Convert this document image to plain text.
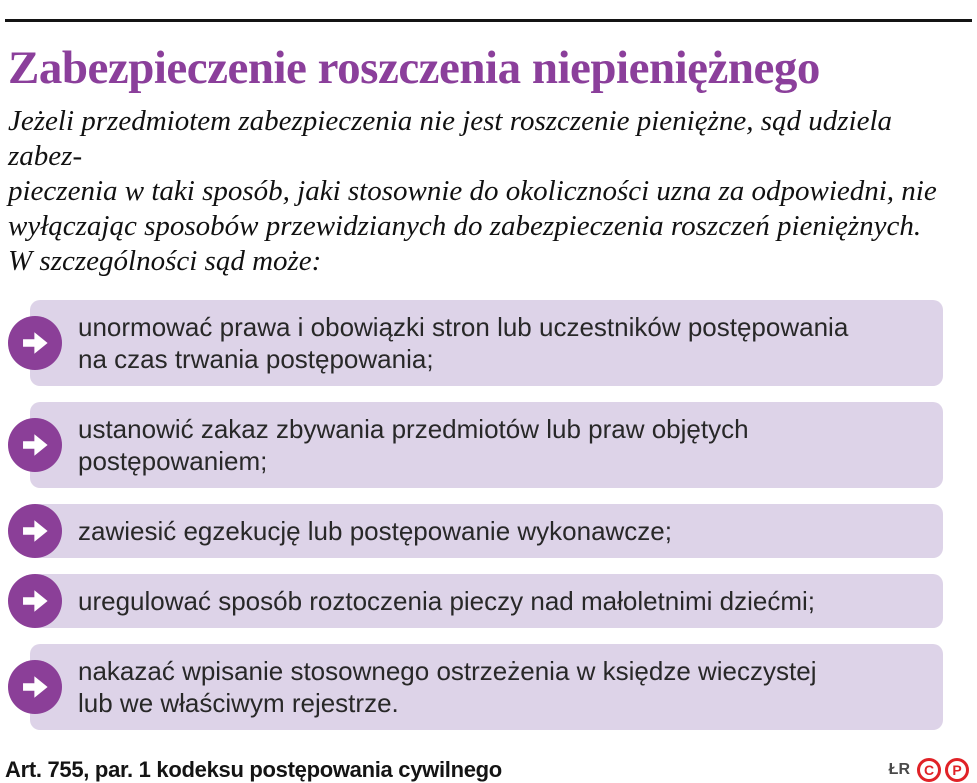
Zabezpieczenie roszczenia niepieniężnego
Jeżeli przedmiotem zabezpieczenia nie jest roszczenie pieniężne, sąd udziela zabez-
pieczenia w taki sposób, jaki stosownie do okoliczności uzna za odpowiedni, nie
wyłączając sposobów przewidzianych do zabezpieczenia roszczeń pieniężnych.
W szczególności sąd może:
unormować prawa i obowiązki stron lub uczestników postępowania
na czas trwania postępowania;
ustanowić zakaz zbywania przedmiotów lub praw objętych
postępowaniem;
zawiesić egzekucję lub postępowanie wykonawcze;
uregulować sposób roztoczenia pieczy nad małoletnimi dziećmi;
nakazać wpisanie stosownego ostrzeżenia w księdze wieczystej
lub we właściwym rejestrze.
Art. 755, par. 1 kodeksu postępowania cywilnego	ŁR C	P
